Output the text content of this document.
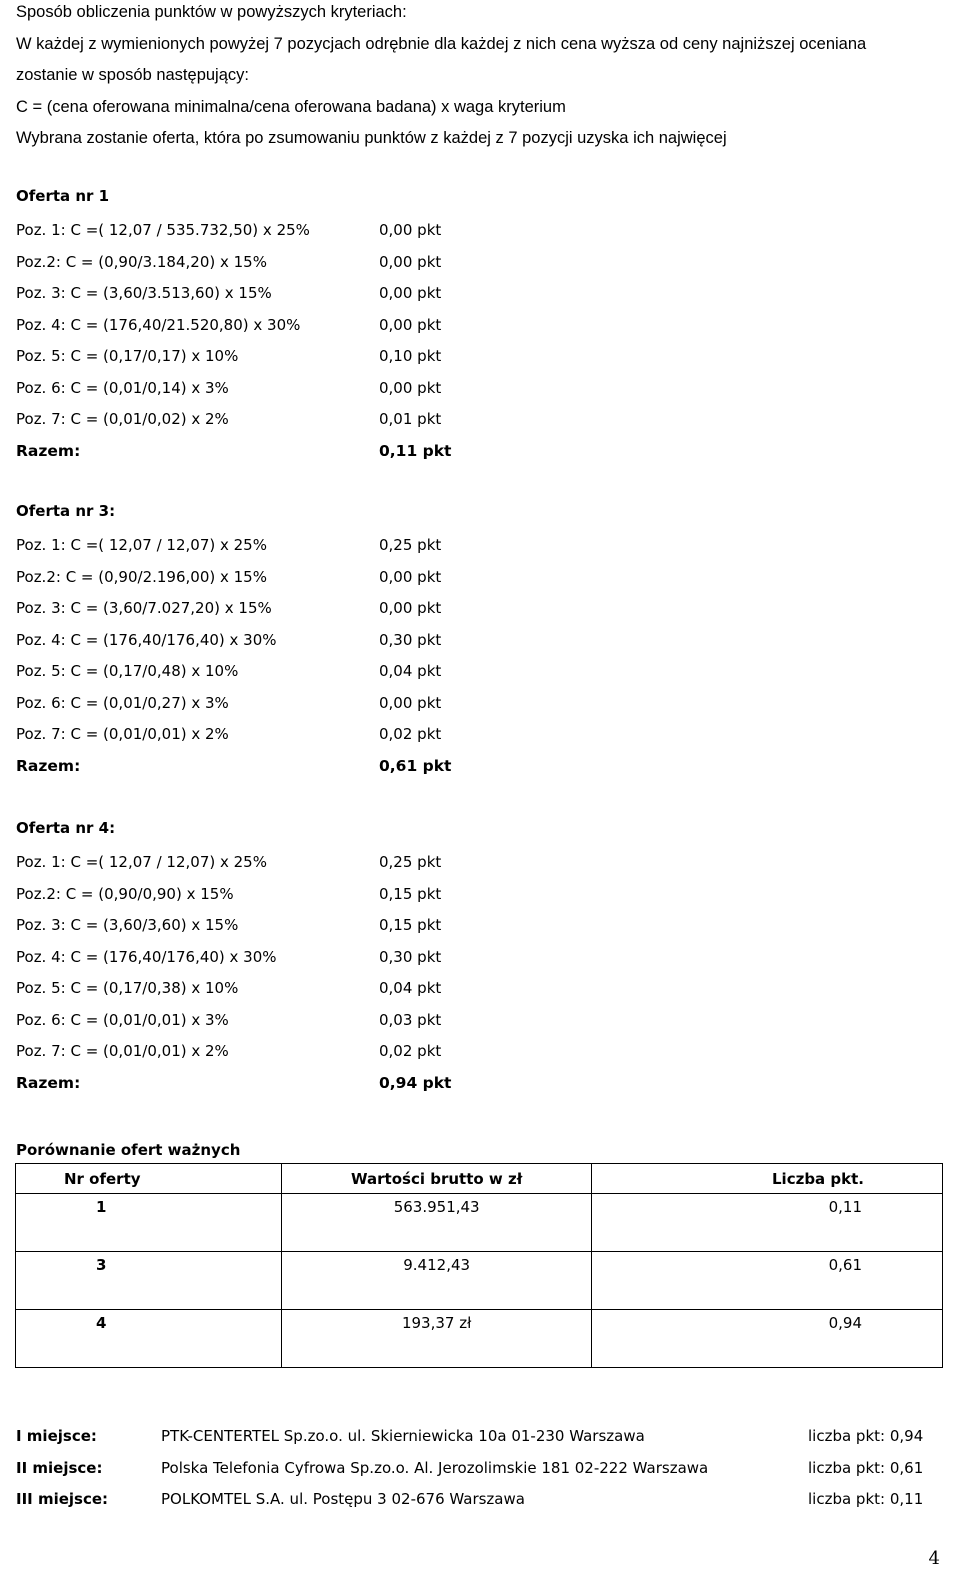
Sposób obliczenia punktów w powyższych kryteriach:
W każdej z wymienionych powyżej 7 pozycjach odrębnie dla każdej z nich cena wyższa od ceny najniższej oceniana
zostanie w sposób następujący:
C = (cena oferowana minimalna/cena oferowana badana) x waga kryterium
Wybrana zostanie oferta, która po zsumowaniu punktów z każdej z 7 pozycji uzyska ich najwięcej
Oferta nr 1
Poz. 1: C =( 12,07 / 535.732,50) x 25%	0,00 pkt
Poz.2: C = (0,90/3.184,20) x 15%	0,00 pkt
Poz. 3: C = (3,60/3.513,60) x 15%	0,00 pkt
Poz. 4: C = (176,40/21.520,80) x 30%	0,00 pkt
Poz. 5: C = (0,17/0,17) x 10%	0,10 pkt
Poz. 6: C = (0,01/0,14) x 3%	0,00 pkt
Poz. 7: C = (0,01/0,02) x 2%	0,01 pkt
Razem:	0,11 pkt
Oferta nr 3:
Poz. 1: C =( 12,07 / 12,07) x 25%	0,25 pkt
Poz.2: C = (0,90/2.196,00) x 15%	0,00 pkt
Poz. 3: C = (3,60/7.027,20) x 15%	0,00 pkt
Poz. 4: C = (176,40/176,40) x 30%	0,30 pkt
Poz. 5: C = (0,17/0,48) x 10%	0,04 pkt
Poz. 6: C = (0,01/0,27) x 3%	0,00 pkt
Poz. 7: C = (0,01/0,01) x 2%	0,02 pkt
Razem:	0,61 pkt
Oferta nr 4:
Poz. 1: C =( 12,07 / 12,07) x 25%	0,25 pkt
Poz.2: C = (0,90/0,90) x 15%	0,15 pkt
Poz. 3: C = (3,60/3,60) x 15%	0,15 pkt
Poz. 4: C = (176,40/176,40) x 30%	0,30 pkt
Poz. 5: C = (0,17/0,38) x 10%	0,04 pkt
Poz. 6: C = (0,01/0,01) x 3%	0,03 pkt
Poz. 7: C = (0,01/0,01) x 2%	0,02 pkt
Razem:	0,94 pkt
Porównanie ofert ważnych
Nr oferty	Wartości brutto w zł	Liczba pkt.
1	563.951,43	0,11
3	9.412,43	0,61
4	193,37 zł	0,94
I miejsce:	PTK-CENTERTEL Sp.zo.o. ul. Skierniewicka 10a 01-230 Warszawa	liczba pkt: 0,94
II miejsce:	Polska Telefonia Cyfrowa Sp.zo.o. Al. Jerozolimskie 181 02-222 Warszawa	liczba pkt: 0,61
III miejsce:	POLKOMTEL S.A. ul. Postępu 3 02-676 Warszawa	liczba pkt: 0,11
4
